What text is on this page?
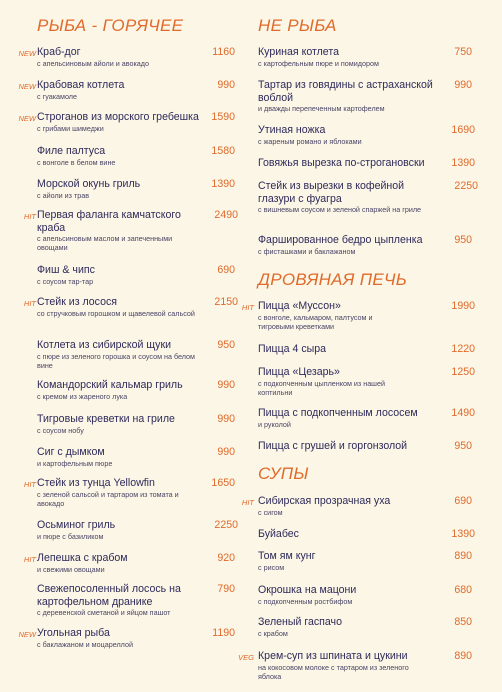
РЫБА - ГОРЯЧЕЕ
NEW Краб-дог
с апельсиновым айоли и авокадо
1160
NEW Крабовая котлета
с гуакамоле
990
NEW Строганов из морского гребешка
с грибами шимеджи
1590
Филе палтуса
с вонголе в белом вине
1580
Морской окунь гриль
с айоли из трав
1390
HIT Первая фаланга камчатского краба
с апельсиновым маслом и запеченными овощами
2490
Фиш & чипс
с соусом тар-тар
690
HIT Стейк из лосося
со стручковым горошком и щавелевой сальсой
2150
Котлета из сибирской щуки
с пюре из зеленого горошка и соусом на белом вине
950
Командорский кальмар гриль
с кремом из жареного лука
990
Тигровые креветки на гриле
с соусом нобу
990
Сиг с дымком
и картофельным пюре
990
HIT Стейк из тунца Yellowfin
с зеленой сальсой и тартаром из томата и авокадо
1650
Осьминог гриль
и пюре с базиликом
2250
HIT Лепешка с крабом
и свежими овощами
920
Свежепосоленный лосось на картофельном дранике
с деревенской сметаной и яйцом пашот
790
NEW Угольная рыба
с баклажаном и моцареллой
1190
НЕ РЫБА
Куриная котлета
с картофельным пюре и помидором
750
Тартар из говядины с астраханской воблой
и дважды перепеченным картофелем
990
Утиная ножка
с жареным романо и яблоками
1690
Говяжья вырезка по-строгановски	1390
Стейк из вырезки в кофейной глазури с фуагра
с вишневым соусом и зеленой спаржей на гриле
2250
Фаршированное бедро цыпленка
с фисташками и баклажаном
950
ДРОВЯНАЯ ПЕЧЬ
HIT Пицца «Муссон»
с вонголе, кальмаром, палтусом и тигровыми креветками
1990
Пицца 4 сыра	1220
Пицца «Цезарь»
с подкопченным цыпленком из нашей коптильни
1250
Пицца с подкопченным лососем
и руколой
1490
Пицца с грушей и горгонзолой	950
СУПЫ
HIT Сибирская прозрачная уха
с сигом
690
Буйабес	1390
Том ям кунг
с рисом
890
Окрошка на мацони
с подкопченным ростбифом
680
Зеленый гаспачо
с крабом
850
VEG Крем-суп из шпината и цукини
на кокосовом молоке с тартаром из зеленого яблока
890
